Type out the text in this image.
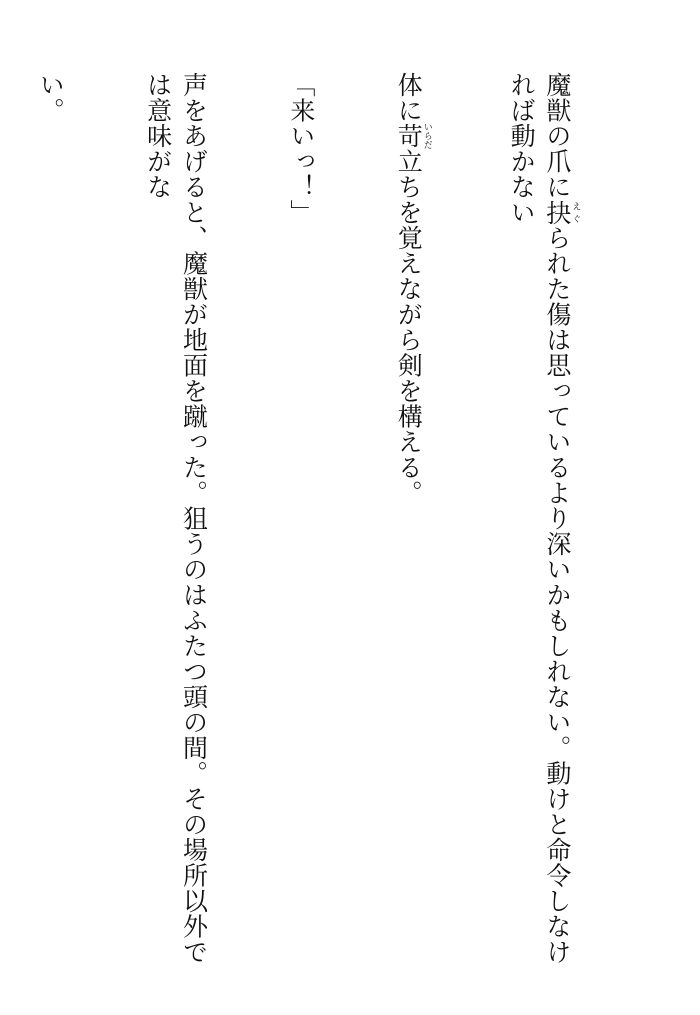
魔獣の爪に抉えぐられた傷は思っているより深いかもしれない。動けと命令しなければ動かない

体に苛いらだ立ちを覚えながら剣を構える。

「来いっ！」

声をあげると、魔獣が地面を蹴った。狙うのはふたつ頭の間。その場所以外では意味がな

い。
